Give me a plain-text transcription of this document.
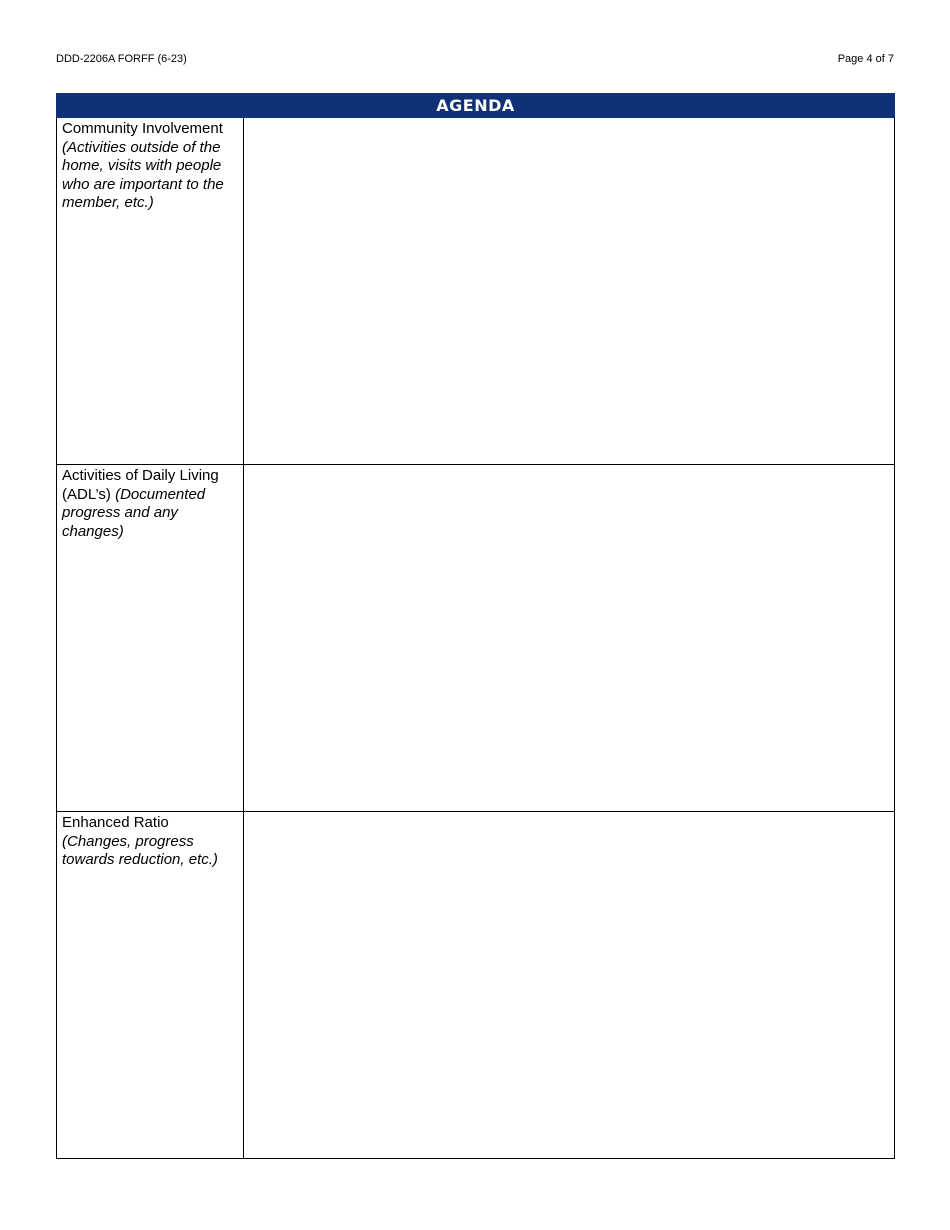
DDD-2206A FORFF (6-23)	Page 4 of 7
AGENDA	
Community Involvement (Activities outside of the home, visits with people who are important to the member, etc.)	
Activities of Daily Living (ADL’s) (Documented progress and any changes)	
Enhanced Ratio (Changes, progress towards reduction, etc.)	
